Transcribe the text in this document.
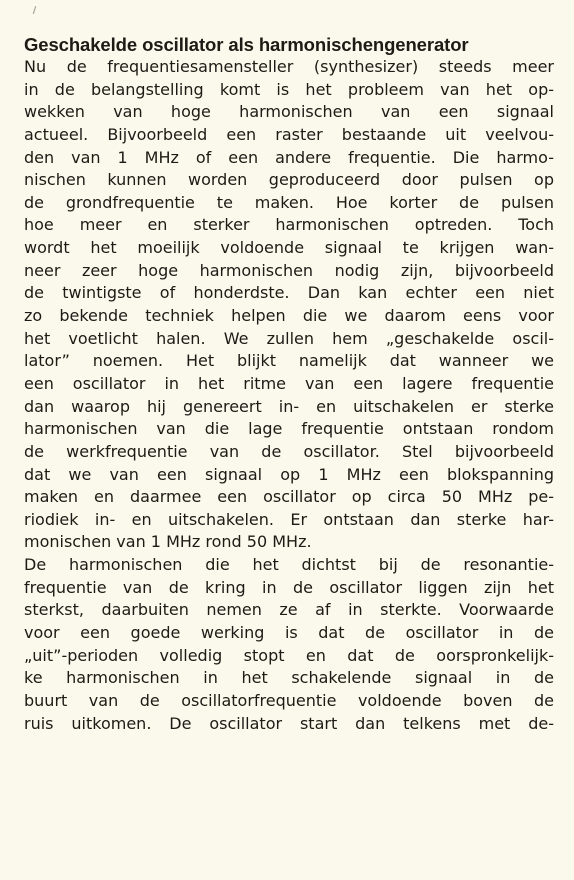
Geschakelde oscillator als harmonischengenerator
Nu de frequentiesamensteller (synthesizer) steeds meer
in de belangstelling komt is het probleem van het op-
wekken van hoge harmonischen van een signaal
actueel. Bijvoorbeeld een raster bestaande uit veelvou-
den van 1 MHz of een andere frequentie. Die harmo-
nischen kunnen worden geproduceerd door pulsen op
de grondfrequentie te maken. Hoe korter de pulsen
hoe meer en sterker harmonischen optreden. Toch
wordt het moeilijk voldoende signaal te krijgen wan-
neer zeer hoge harmonischen nodig zijn, bijvoorbeeld
de twintigste of honderdste. Dan kan echter een niet
zo bekende techniek helpen die we daarom eens voor
het voetlicht halen. We zullen hem „geschakelde oscil-
lator” noemen. Het blijkt namelijk dat wanneer we
een oscillator in het ritme van een lagere frequentie
dan waarop hij genereert in- en uitschakelen er sterke
harmonischen van die lage frequentie ontstaan rondom
de werkfrequentie van de oscillator. Stel bijvoorbeeld
dat we van een signaal op 1 MHz een blokspanning
maken en daarmee een oscillator op circa 50 MHz pe-
riodiek in- en uitschakelen. Er ontstaan dan sterke har-
monischen van 1 MHz rond 50 MHz.
De harmonischen die het dichtst bij de resonantie-
frequentie van de kring in de oscillator liggen zijn het
sterkst, daarbuiten nemen ze af in sterkte. Voorwaarde
voor een goede werking is dat de oscillator in de
„uit”-perioden volledig stopt en dat de oorspronkelijk-
ke harmonischen in het schakelende signaal in de
buurt van de oscillatorfrequentie voldoende boven de
ruis uitkomen. De oscillator start dan telkens met de-
